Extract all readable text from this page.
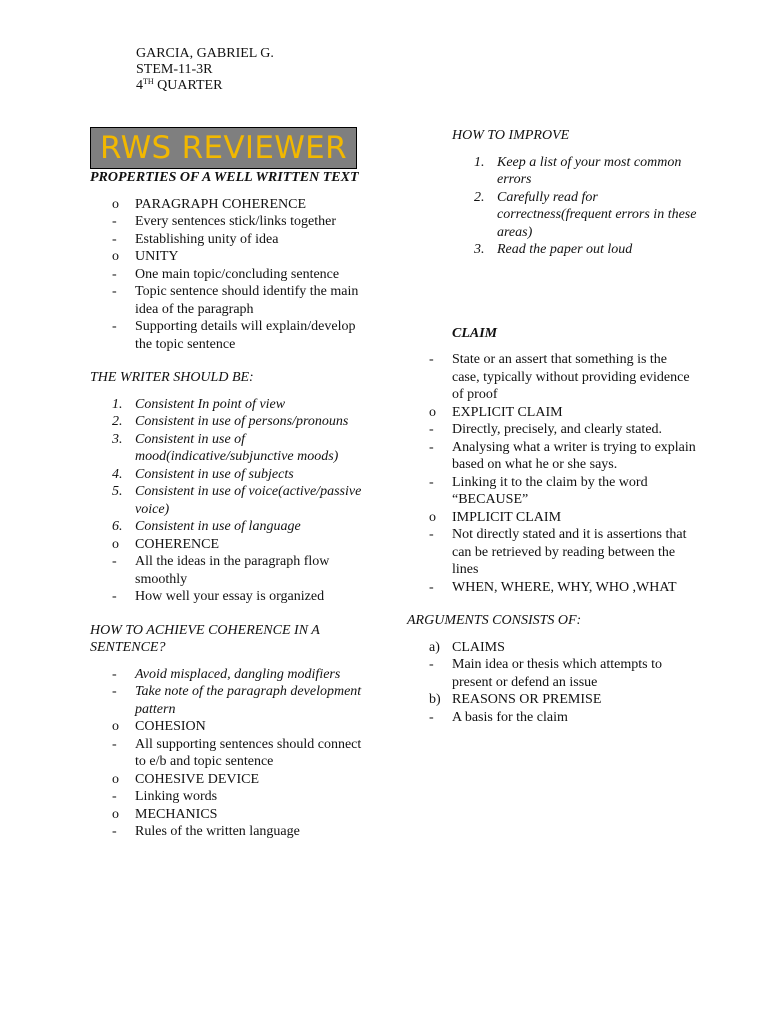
GARCIA, GABRIEL G.
STEM-11-3R
4TH QUARTER
RWS REVIEWER
PROPERTIES OF A WELL WRITTEN TEXT
o PARAGRAPH COHERENCE
- Every sentences stick/links together
- Establishing unity of idea
o UNITY
- One main topic/concluding sentence
- Topic sentence should identify the main idea of the paragraph
- Supporting details will explain/develop the topic sentence
THE WRITER SHOULD BE:
1. Consistent In point of view
2. Consistent in use of persons/pronouns
3. Consistent in use of mood(indicative/subjunctive moods)
4. Consistent in use of subjects
5. Consistent in use of voice(active/passive voice)
6. Consistent in use of language
o COHERENCE
- All the ideas in the paragraph flow smoothly
- How well your essay is organized
HOW TO ACHIEVE COHERENCE IN A SENTENCE?
- Avoid misplaced, dangling modifiers
- Take note of the paragraph development pattern
o COHESION
- All supporting sentences should connect to e/b and topic sentence
o COHESIVE DEVICE
- Linking words
o MECHANICS
- Rules of the written language
HOW TO IMPROVE
1. Keep a list of your most common errors
2. Carefully read for correctness(frequent errors in these areas)
3. Read the paper out loud
CLAIM
- State or an assert that something is the case, typically without providing evidence of proof
o EXPLICIT CLAIM
- Directly, precisely, and clearly stated.
- Analysing what a writer is trying to explain based on what he or she says.
- Linking it to the claim by the word “BECAUSE”
o IMPLICIT CLAIM
- Not directly stated and it is assertions that can be retrieved by reading between the lines
- WHEN, WHERE, WHY, WHO ,WHAT
ARGUMENTS CONSISTS OF:
a) CLAIMS
- Main idea or thesis which attempts to present or defend an issue
b) REASONS OR PREMISE
- A basis for the claim
